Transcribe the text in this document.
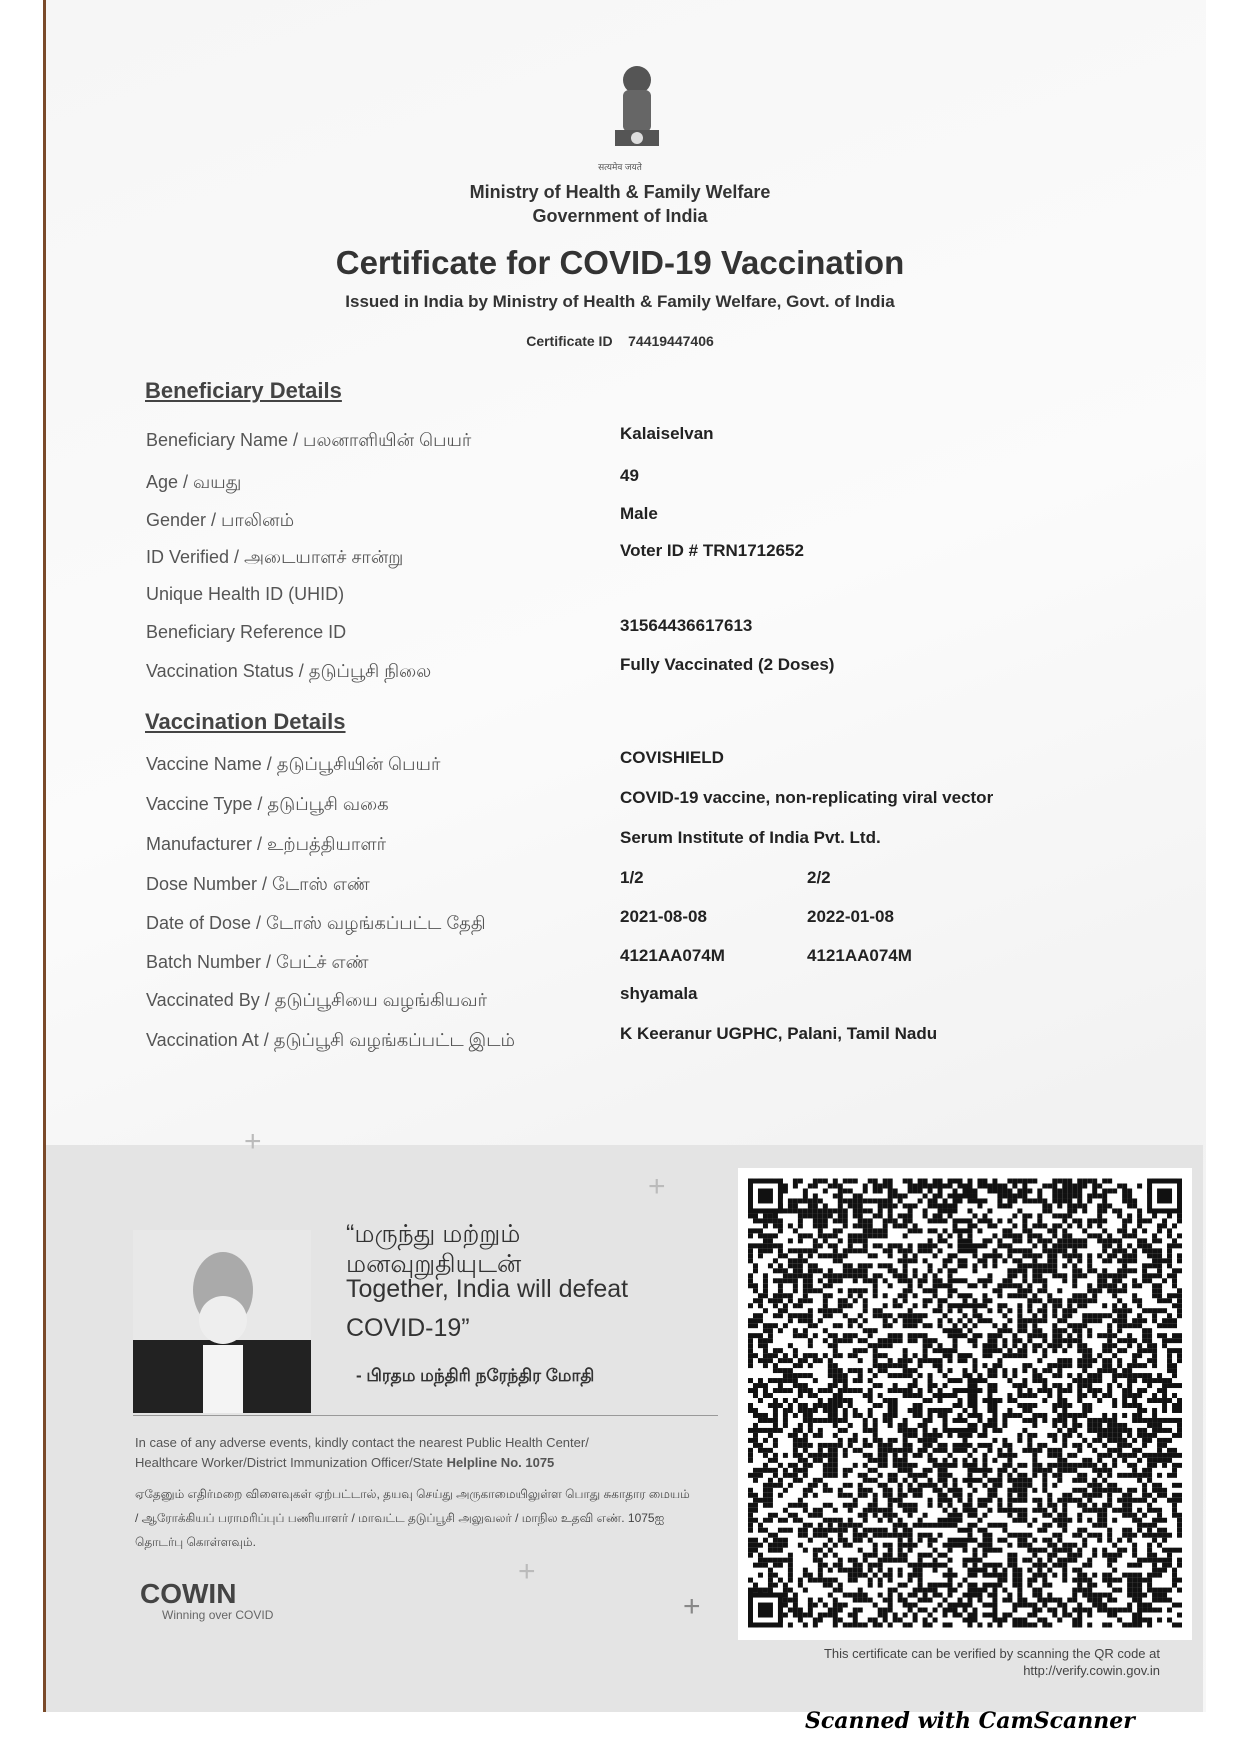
सत्यमेव जयते
Ministry of Health & Family Welfare
Government of India
Certificate for COVID-19 Vaccination
Issued in India by Ministry of Health & Family Welfare, Govt. of India
Certificate ID 74419447406
Beneficiary Details
Beneficiary Name / பலனாளியின் பெயர்	Kalaiselvan
Age / வயது	49
Gender / பாலினம்	Male
ID Verified / அடையாளச் சான்று	Voter ID # TRN1712652
Unique Health ID (UHID)
Beneficiary Reference ID	31564436617613
Vaccination Status / தடுப்பூசி நிலை	Fully Vaccinated (2 Doses)
Vaccination Details
Vaccine Name / தடுப்பூசியின் பெயர்	COVISHIELD
Vaccine Type / தடுப்பூசி வகை	COVID-19 vaccine, non-replicating viral vector
Manufacturer / உற்பத்தியாளர்	Serum Institute of India Pvt. Ltd.
Dose Number / டோஸ் எண்	1/2	2/2
Date of Dose / டோஸ் வழங்கப்பட்ட தேதி	2021-08-08	2022-01-08
Batch Number / பேட்ச் எண்	4121AA074M	4121AA074M
Vaccinated By / தடுப்பூசியை வழங்கியவர்	shyamala
Vaccination At / தடுப்பூசி வழங்கப்பட்ட இடம்	K Keeranur UGPHC, Palani, Tamil Nadu
+
+
+
+
“மருந்து மற்றும்
மனவுறுதியுடன்
Together, India will defeat
COVID-19”
- பிரதம மந்திரி நரேந்திர மோதி
In case of any adverse events, kindly contact the nearest Public Health Center/
Healthcare Worker/District Immunization Officer/State Helpline No. 1075
ஏதேனும் எதிர்மறை விளைவுகள் ஏற்பட்டால், தயவு செய்து அருகாமையிலுள்ள பொது சுகாதார மையம் / ஆரோக்கியப் பராமரிப்புப் பணியாளர் / மாவட்ட தடுப்பூசி அலுவலர் / மாநில உதவி எண். 1075ஐ தொடர்பு கொள்ளவும்.
COWIN
Winning over COVID
This certificate can be verified by scanning the QR code at
http://verify.cowin.gov.in
Scanned with CamScanner
